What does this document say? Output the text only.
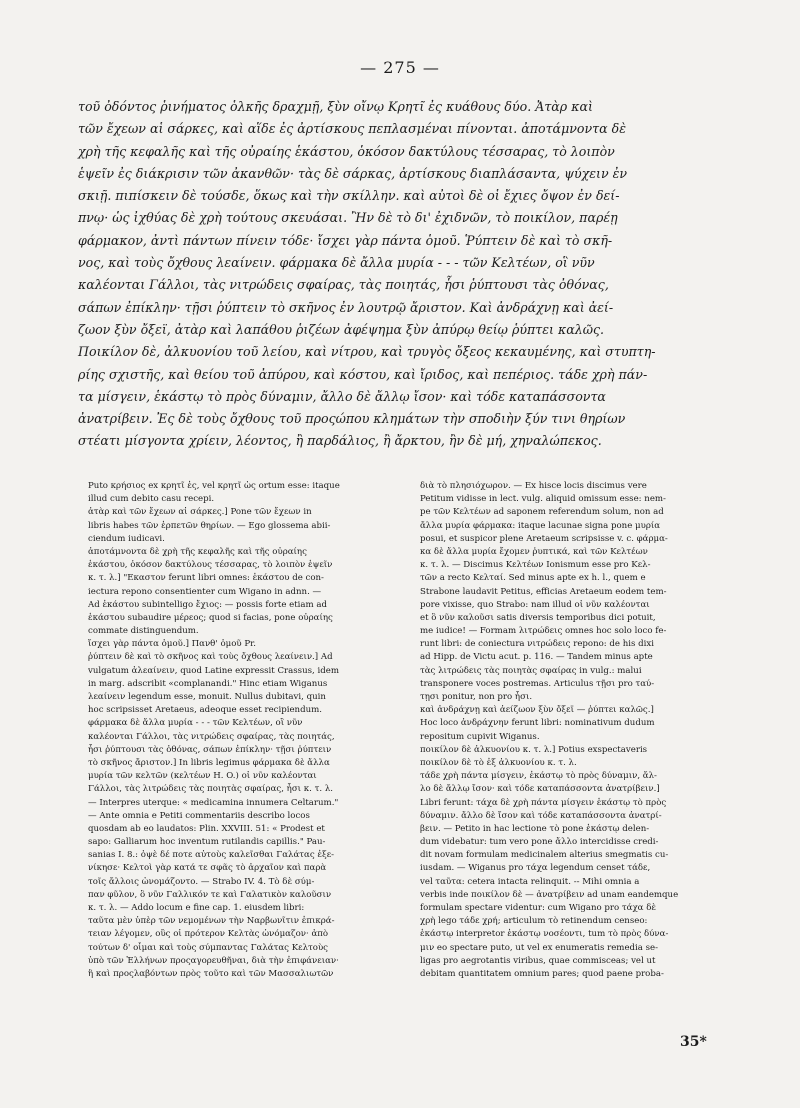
— 275 —
τοῦ ὀδόντος ῥινήματος ὁλκῆς δραχμῇ, ξὺν οἴνῳ Κρητῖ ἐς κυάθους δύο. Ἀτὰρ καὶ
τῶν ἔχεων αἱ σάρκες, καὶ αἵδε ἐς ἀρτίσκους πεπλασμέναι πίνονται. ἀποτάμνοντα δὲ
χρὴ τῆς κεφαλῆς καὶ τῆς οὐραίης ἑκάστου, ὁκόσον δακτύλους τέσσαρας, τὸ λοιπὸν
ἑψεῖν ἐς διάκρισιν τῶν ἀκανθῶν· τὰς δὲ σάρκας, ἀρτίσκους διαπλάσαντα, ψύχειν ἐν
σκιῇ. πιπίσκειν δὲ τούσδε, ὅκως καὶ τὴν σκίλλην. καὶ αὐτοὶ δὲ οἱ ἔχιες ὄψον ἐν δεί-
πνῳ· ὡς ἰχθύας δὲ χρὴ τούτους σκευάσαι. Ἢν δὲ τὸ δι' ἐχιδνῶν, τὸ ποικίλον, παρέῃ
φάρμακον, ἀντὶ πάντων πίνειν τόδε· ἴσχει γὰρ πάντα ὁμοῦ. Ῥύπτειν δὲ καὶ τὸ σκῆ-
νος, καὶ τοὺς ὄχθους λεαίνειν. φάρμακα δὲ ἄλλα μυρία - - - τῶν Κελτέων, οἳ νῦν
καλέονται Γάλλοι, τὰς νιτρώδεις σφαίρας, τὰς ποιητάς, ἧσι ῥύπτουσι τὰς ὀθόνας,
σάπων ἐπίκλην· τῇσι ῥύπτειν τὸ σκῆνος ἐν λουτρῷ ἄριστον. Καὶ ἀνδράχνῃ καὶ ἀεί-
ζωον ξὺν ὄξεϊ, ἀτὰρ καὶ λαπάθου ῥιζέων ἀφέψημα ξὺν ἀπύρῳ θείῳ ῥύπτει καλῶς.
Ποικίλον δὲ, ἀλκυονίου τοῦ λείου, καὶ νίτρου, καὶ τρυγὸς ὄξεος κεκαυμένης, καὶ στυπτη-
ρίης σχιστῆς, καὶ θείου τοῦ ἀπύρου, καὶ κόστου, καὶ ἴριδος, καὶ πεπέριος. τάδε χρὴ πάν-
τα μίσγειν, ἑκάστῳ τὸ πρὸς δύναμιν, ἄλλο δὲ ἄλλῳ ἴσον· καὶ τόδε καταπάσσοντα
ἀνατρίβειν. Ἐς δὲ τοὺς ὄχθους τοῦ προςώπου κλημάτων τὴν σποδιὴν ξύν τινι θηρίων
στέατι μίσγοντα χρίειν, λέοντος, ἢ παρδάλιος, ἢ ἄρκτου, ἢν δὲ μή, χηναλώπεκος.
Puto κρήσιος ex κρητῖ ἐς, vel κρητῖ ὡς ortum esse: itaque
illud cum debito casu recepi.
ἀτὰρ καὶ τῶν ἔχεων αἱ σάρκες.] Pone τῶν ἔχεων in
libris habes τῶν ἑρπετῶν θηρίων. — Ego glossema abii-
ciendum iudicavi.
ἀποτάμνοντα δὲ χρὴ τῆς κεφαλῆς καὶ τῆς οὐραίης
ἑκάστου, ὁκόσον δακτύλους τέσσαρας, τὸ λοιπὸν ἑψεῖν
κ. τ. λ.] "Εκαστον ferunt libri omnes: ἑκάστου de con-
iectura repono consentienter cum Wigano in adnn. —
Ad ἑκάστου subintelligo ἔχιος: — possis forte etiam ad
ἑκάστου subaudire μέρεος; quod si facias, pone οὐραίης
commate distinguendum.
ἴσχει γὰρ πάντα ὁμοῦ.] Πανθ' ὁμοῦ Pr.
ῥύπτειν δὲ καὶ τὸ σκῆνος καὶ τοὺς ὄχθους λεαίνειν.] Ad
vulgatum ἀλεαίνειν, quod Latine expressit Crassus, idem
in marg. adscribit «complanandi." Hinc etiam Wiganus
λεαίνειν legendum esse, monuit. Nullus dubitavi, quin
hoc scripsisset Aretaeus, adeoque esset recipiendum.
φάρμακα δὲ ἄλλα μυρία - - - τῶν Κελτέων, οἳ νῦν
καλέονται Γάλλοι, τὰς νιτρώδεις σφαίρας, τὰς ποιητάς,
ἧσι ῥύπτουσι τὰς ὀθόνας, σάπων ἐπίκλην· τῇσι ῥύπτειν
τὸ σκῆνος ἄριστον.] In libris legimus φάρμακα δὲ ἄλλα
μυρία τῶν κελτῶν (κελτέων H. O.) οἱ νῦν καλέονται
Γάλλοι, τὰς λιτρώδεις τὰς ποιητὰς σφαίρας, ἧσι κ. τ. λ.
— Interpres uterque: « medicamina innumera Celtarum."
— Ante omnia e Petiti commentariis describo locos
quosdam ab eo laudatos: Plin. XXVIII. 51: « Prodest et
sapo: Galliarum hoc inventum rutilandis capillis." Pau-
sanias I. 8.: ὀψὲ δέ ποτε αὐτοὺς καλεῖσθαι Γαλάτας ἐξε-
νίκησε· Κελτοὶ γὰρ κατά τε σφᾶς τὸ ἀρχαῖον καὶ παρὰ
τοῖς ἄλλοις ὠνομάζοντο. — Strabo IV. 4. Τὸ δὲ σύμ-
παν φῦλον, ὃ νῦν Γαλλικόν τε καὶ Γαλατικὸν καλοῦσιν
κ. τ. λ. — Addo locum e fine cap. 1. eiusdem libri:
ταῦτα μὲν ὑπὲρ τῶν νεμομένων τὴν Ναρβωνῖτιν ἐπικρά-
τειαν λέγομεν, οὓς οἱ πρότερον Κελτὰς ὠνόμαζον· ἀπὸ
τούτων δ' οἶμαι καὶ τοὺς σύμπαντας Γαλάτας Κελτοὺς
ὑπὸ τῶν Ἑλλήνων προςαγορευθῆναι, διὰ τὴν ἐπιφάνειαν·
ἢ καὶ προςλαβόντων πρὸς τοῦτο καὶ τῶν Μασσαλιωτῶν
διὰ τὸ πλησιόχωρον. — Ex hisce locis discimus vere
Petitum vidisse in lect. vulg. aliquid omissum esse: nem-
pe τῶν Κελτέων ad saponem referendum solum, non ad
ἄλλα μυρία φάρμακα: itaque lacunae signa pone μυρία
posui, et suspicor plene Aretaeum scripsisse v. c. φάρμα-
κα δὲ ἄλλα μυρία ἔχομεν ῥυπτικά, καὶ τῶν Κελτέων
κ. τ. λ. — Discimus Κελτέων Ionismum esse pro Κελ-
τῶν a recto Κελταί. Sed minus apte ex h. l., quem e
Strabone laudavit Petitus, efficias Aretaeum eodem tem-
pore vixisse, quo Strabo: nam illud οἱ νῦν καλέονται
et ὃ νῦν καλοῦσι satis diversis temporibus dici potuit,
me iudice! — Formam λιτρώδεις omnes hoc solo loco fe-
runt libri: de coniectura νιτρώδεις repono: de his dixi
ad Hipp. de Victu acut. p. 116. — Tandem minus apte
τὰς λιτρώδεις τὰς ποιητὰς σφαίρας in vulg.: malui
transponere voces postremas. Articulus τῇσι pro ταύ-
τῃσι ponitur, non pro ἧσι.
καὶ ἀνδράχνῃ καὶ ἀείζωον ξὺν ὄξεϊ — ῥύπτει καλῶς.]
Hoc loco ἀνδράχνην ferunt libri: nominativum dudum
repositum cupivit Wiganus.
ποικίλον δὲ ἀλκυονίου κ. τ. λ.] Potius exspectaveris
ποικίλον δὲ τὸ ἐξ ἀλκυονίου κ. τ. λ.
τάδε χρὴ πάντα μίσγειν, ἑκάστῳ τὸ πρὸς δύναμιν, ἄλ-
λο δὲ ἄλλῳ ἴσον· καὶ τόδε καταπάσσοντα ἀνατρίβειν.]
Libri ferunt: τάχα δὲ χρὴ πάντα μίσγειν ἑκάστῳ τὸ πρὸς
δύναμιν. ἄλλο δὲ ἴσον καὶ τόδε καταπάσσοντα ἀνατρί-
βειν. — Petito in hac lectione τὸ pone ἑκάστῳ delen-
dum videbatur: tum vero pone ἄλλο intercidisse credi-
dit novam formulam medicinalem alterius smegmatis cu-
iusdam. — Wiganus pro τάχα legendum censet τάδε,
vel ταῦτα: cetera intacta relinquit. -- Mihi omnia a
verbis inde ποικίλον δὲ — ἀνατρίβειν ad unam eandemque
formulam spectare videntur: cum Wigano pro τάχα δὲ
χρὴ lego τάδε χρή; articulum τὸ retinendum censeo:
ἑκάστῳ interpretor ἑκάστῳ νοσέοντι, tum τὸ πρὸς δύνα-
μιν eo spectare puto, ut vel ex enumeratis remedia se-
ligas pro aegrotantis viribus, quae commisceas; vel ut
debitam quantitatem omnium pares; quod paene proba-
35*
